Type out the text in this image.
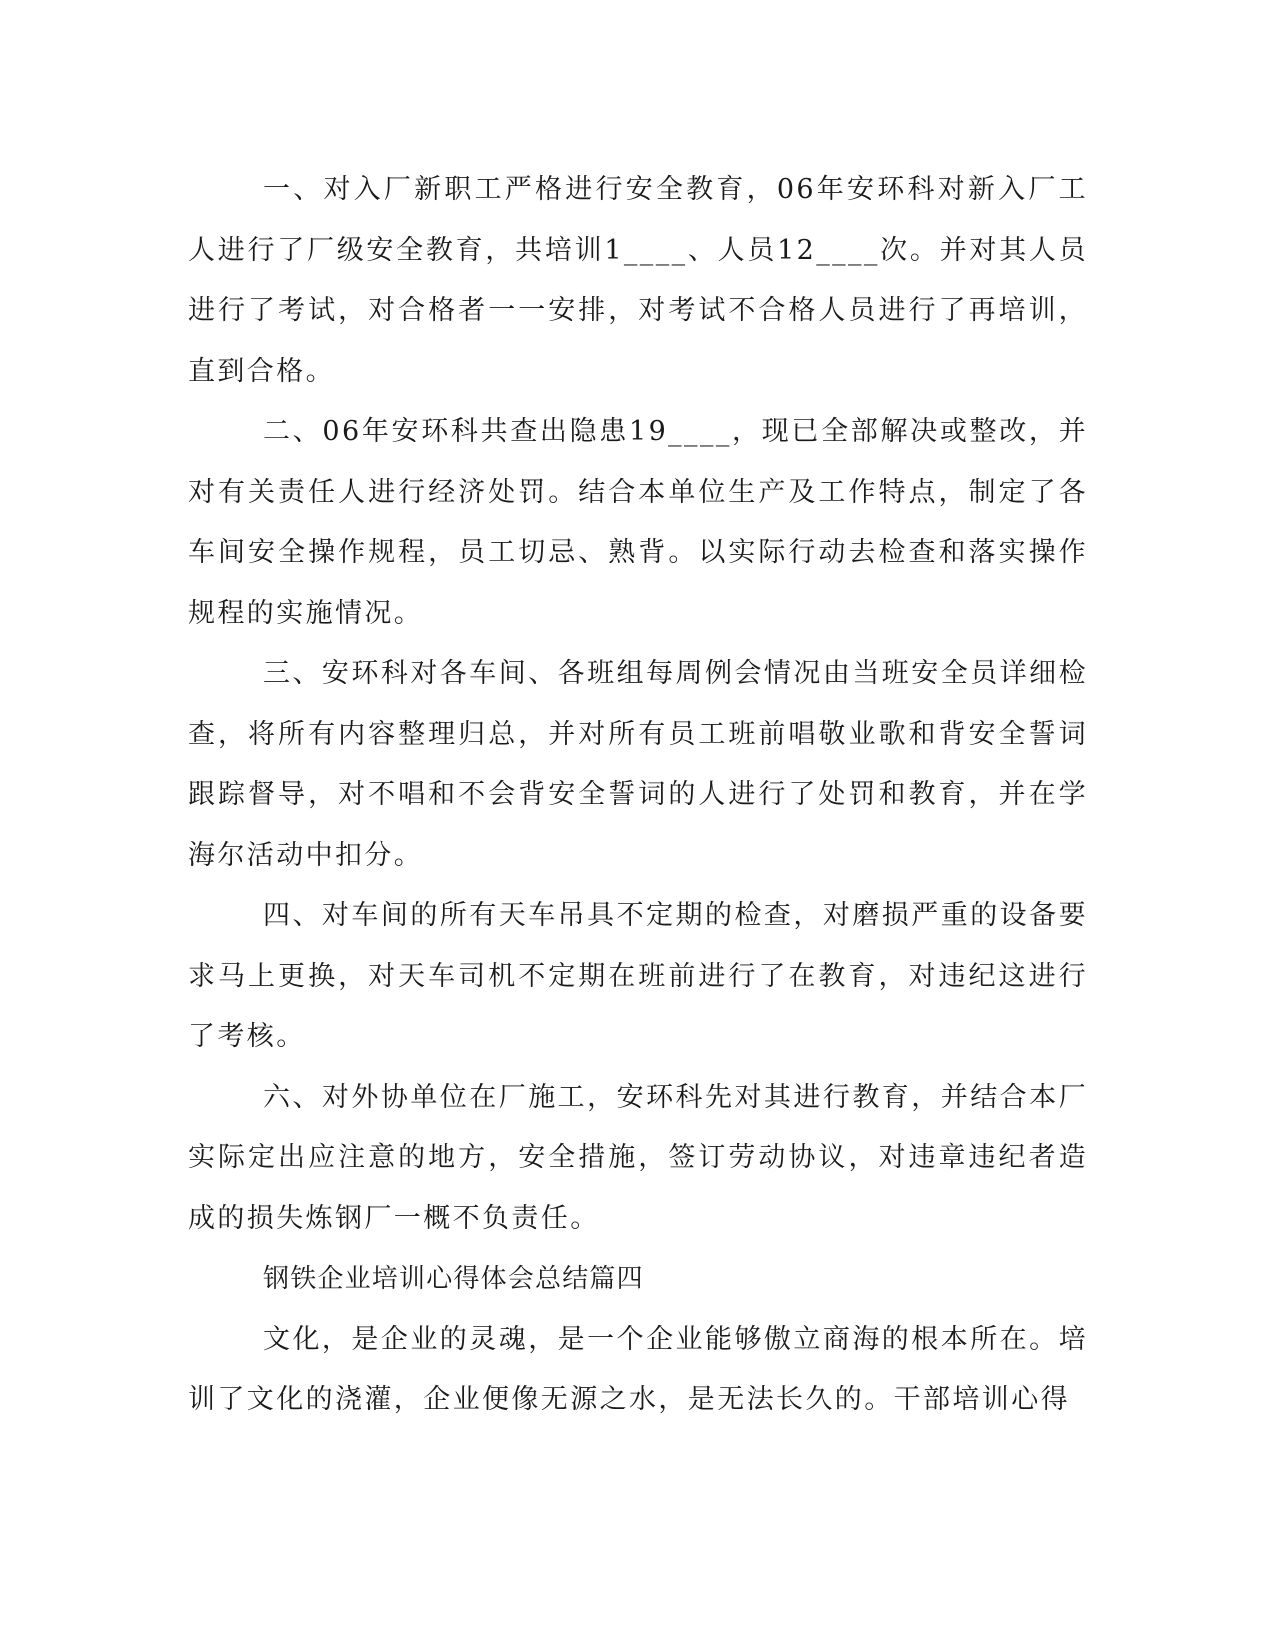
一、对入厂新职工严格进行安全教育，06年安环科对新入厂工人进行了厂级安全教育，共培训1____、人员12____次。并对其人员进行了考试，对合格者一一安排，对考试不合格人员进行了再培训，直到合格。

二、06年安环科共查出隐患19____，现已全部解决或整改，并对有关责任人进行经济处罚。结合本单位生产及工作特点，制定了各车间安全操作规程，员工切忌、熟背。以实际行动去检查和落实操作规程的实施情况。

三、安环科对各车间、各班组每周例会情况由当班安全员详细检查，将所有内容整理归总，并对所有员工班前唱敬业歌和背安全誓词跟踪督导，对不唱和不会背安全誓词的人进行了处罚和教育，并在学海尔活动中扣分。

四、对车间的所有天车吊具不定期的检查，对磨损严重的设备要求马上更换，对天车司机不定期在班前进行了在教育，对违纪这进行了考核。

六、对外协单位在厂施工，安环科先对其进行教育，并结合本厂实际定出应注意的地方，安全措施，签订劳动协议，对违章违纪者造成的损失炼钢厂一概不负责任。

钢铁企业培训心得体会总结篇四

文化，是企业的灵魂，是一个企业能够傲立商海的根本所在。培训了文化的浇灌，企业便像无源之水，是无法长久的。干部培训心得
